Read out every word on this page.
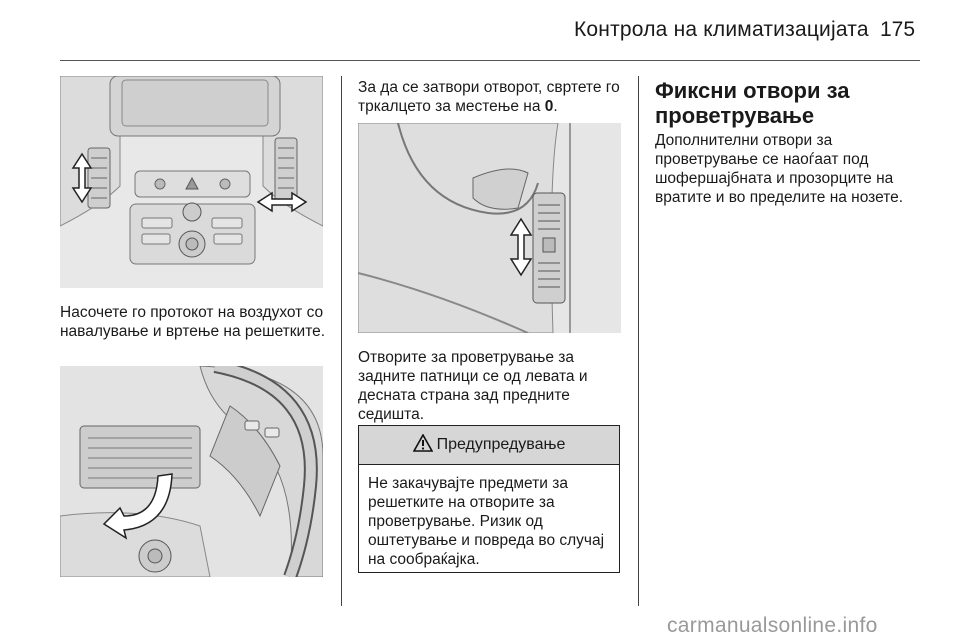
Контрола на климатизацијата 175
Насочете го протокот на воздухот со навалување и вртење на решетките.
За да се затвори отворот, свртете го тркалцето за местење на 0.
Отворите за проветрување за задните патници се од левата и десната страна зад предните седишта.
Предупредување
Не закачувајте предмети за решетките на отворите за проветрување. Ризик од оштетување и повреда во случај на сообраќајка.
Фиксни отвори за проветрување
Дополнителни отвори за проветрување се наоѓаат под шофершајбната и прозорците на вратите и во пределите на нозете.
carmanualsonline.info
